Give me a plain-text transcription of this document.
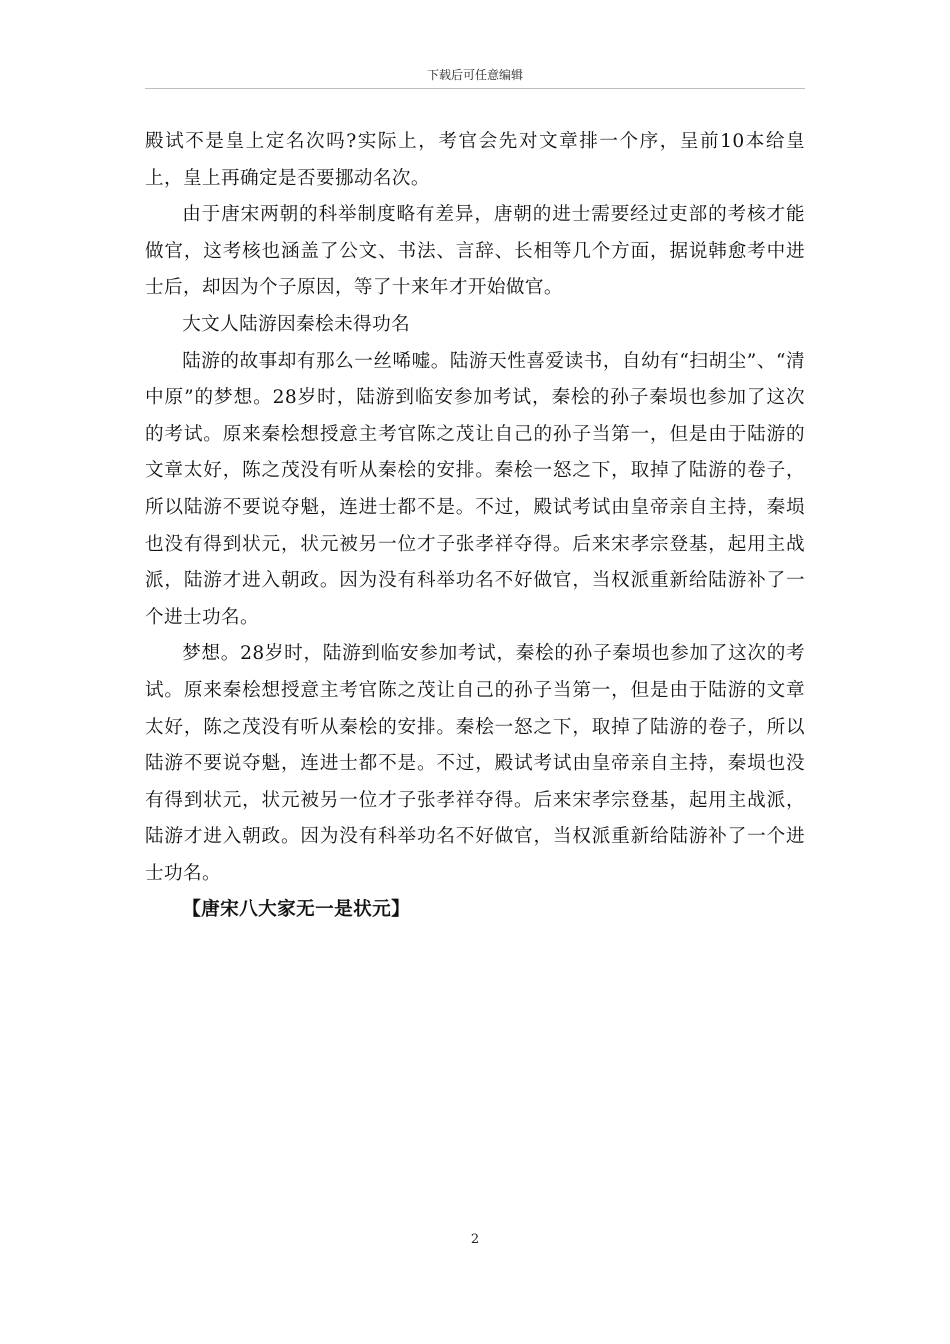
下载后可任意编辑

殿试不是皇上定名次吗?实际上，考官会先对文章排一个序，呈前10本给皇上，皇上再确定是否要挪动名次。

由于唐宋两朝的科举制度略有差异，唐朝的进士需要经过吏部的考核才能做官，这考核也涵盖了公文、书法、言辞、长相等几个方面，据说韩愈考中进士后，却因为个子原因，等了十来年才开始做官。

大文人陆游因秦桧未得功名

陆游的故事却有那么一丝唏嘘。陆游天性喜爱读书，自幼有“扫胡尘”、“清中原”的梦想。28岁时，陆游到临安参加考试，秦桧的孙子秦埙也参加了这次的考试。原来秦桧想授意主考官陈之茂让自己的孙子当第一，但是由于陆游的文章太好，陈之茂没有听从秦桧的安排。秦桧一怒之下，取掉了陆游的卷子，所以陆游不要说夺魁，连进士都不是。不过，殿试考试由皇帝亲自主持，秦埙也没有得到状元，状元被另一位才子张孝祥夺得。后来宋孝宗登基，起用主战派，陆游才进入朝政。因为没有科举功名不好做官，当权派重新给陆游补了一个进士功名。

梦想。28岁时，陆游到临安参加考试，秦桧的孙子秦埙也参加了这次的考试。原来秦桧想授意主考官陈之茂让自己的孙子当第一，但是由于陆游的文章太好，陈之茂没有听从秦桧的安排。秦桧一怒之下，取掉了陆游的卷子，所以陆游不要说夺魁，连进士都不是。不过，殿试考试由皇帝亲自主持，秦埙也没有得到状元，状元被另一位才子张孝祥夺得。后来宋孝宗登基，起用主战派，陆游才进入朝政。因为没有科举功名不好做官，当权派重新给陆游补了一个进士功名。

【唐宋八大家无一是状元】

2
